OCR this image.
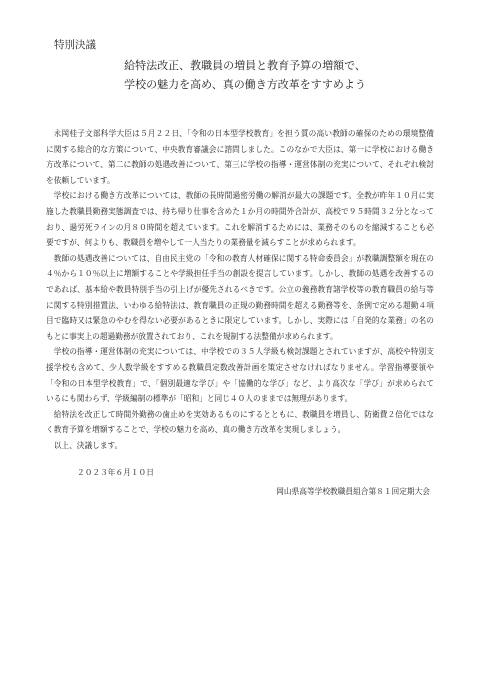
特別決議
給特法改正、教職員の増員と教育予算の増額で、
学校の魅力を高め、真の働き方改革をすすめよう

永岡桂子文部科学大臣は５月２２日、「令和の日本型学校教育」を担う質の高い教師の確保のための環境整備に関する総合的な方策について、中央教育審議会に諮問しました。このなかで大臣は、第一に学校における働き方改革について、第二に教師の処遇改善について、第三に学校の指導・運営体制の充実について、それぞれ検討を依頼しています。

学校における働き方改革については、教師の長時間過密労働の解消が最大の課題です。全教が昨年１０月に実施した教職員勤務実態調査では、持ち帰り仕事を含めた１か月の時間外合計が、高校で９５時間３２分となっており、過労死ラインの月８０時間を超えています。これを解消するためには、業務そのものを縮減することも必要ですが、何よりも、教職員を増やして一人当たりの業務量を減らすことが求められます。

教師の処遇改善については、自由民主党の「令和の教育人材確保に関する特命委員会」が教職調整額を現在の４％から１０％以上に増額することや学級担任手当の創設を提言しています。しかし、教師の処遇を改善するのであれば、基本給や教員特別手当の引上げが優先されるべきです。公立の義務教育諸学校等の教育職員の給与等に関する特別措置法、いわゆる給特法は、教育職員の正規の勤務時間を超える勤務等を、条例で定める超勤４項目で臨時又は緊急のやむを得ない必要があるときに限定しています。しかし、実際には「自発的な業務」の名のもとに事実上の超過勤務が放置されており、これを規制する法整備が求められます。

学校の指導・運営体制の充実については、中学校での３５人学級も検討課題とされていますが、高校や特別支援学校も含めて、少人数学級をすすめる教職員定数改善計画を策定させなければなりません。学習指導要領や「令和の日本型学校教育」で、「個別最適な学び」や「協働的な学び」など、より高次な「学び」が求められているにも関わらず、学級編制の標準が「昭和」と同じ４０人のままでは無理があります。

給特法を改正して時間外勤務の歯止めを実効あるものにするとともに、教職員を増員し、防衛費２倍化ではなく教育予算を増額することで、学校の魅力を高め、真の働き方改革を実現しましょう。

以上、決議します。

２０２３年６月１０日
岡山県高等学校教職員組合第８１回定期大会
